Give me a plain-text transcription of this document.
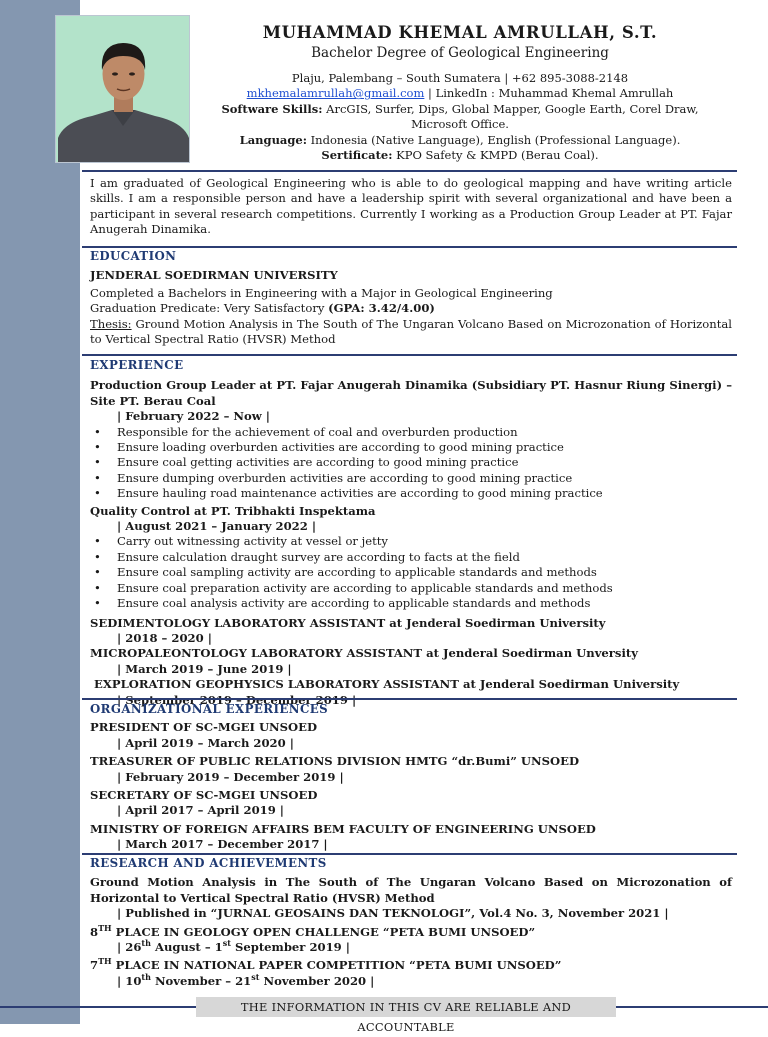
MUHAMMAD KHEMAL AMRULLAH, S.T.
Bachelor Degree of Geological Engineering
Plaju, Palembang – South Sumatera | +62 895-3088-2148
mkhemalamrullah@gmail.com | LinkedIn : Muhammad Khemal Amrullah
Software Skills: ArcGIS, Surfer, Dips, Global Mapper, Google Earth, Corel Draw, Microsoft Office.
Language: Indonesia (Native Language), English (Professional Language).
Sertificate: KPO Safety & KMPD (Berau Coal).
I am graduated of Geological Engineering who is able to do geological mapping and have writing article skills. I am a responsible person and have a leadership spirit with several organizational and have been a participant in several research competitions. Currently I working as a Production Group Leader at PT. Fajar Anugerah Dinamika.
EDUCATION
JENDERAL SOEDIRMAN UNIVERSITY
Completed a Bachelors in Engineering with a Major in Geological Engineering
Graduation Predicate: Very Satisfactory (GPA: 3.42/4.00)
Thesis: Ground Motion Analysis in The South of The Ungaran Volcano Based on Microzonation of Horizontal to Vertical Spectral Ratio (HVSR) Method
EXPERIENCE
Production Group Leader at PT. Fajar Anugerah Dinamika (Subsidiary PT. Hasnur Riung Sinergi) – Site PT. Berau Coal
| February 2022 – Now |
• Responsible for the achievement of coal and overburden production
• Ensure loading overburden activities are according to good mining practice
• Ensure coal getting activities are according to good mining practice
• Ensure dumping overburden activities are according to good mining practice
• Ensure hauling road maintenance activities are according to good mining practice
Quality Control at PT. Tribhakti Inspektama
| August 2021 – January 2022 |
• Carry out witnessing activity at vessel or jetty
• Ensure calculation draught survey are according to facts at the field
• Ensure coal sampling activity are according to applicable standards and methods
• Ensure coal preparation activity are according to applicable standards and methods
• Ensure coal analysis activity are according to applicable standards and methods
SEDIMENTOLOGY LABORATORY ASSISTANT at Jenderal Soedirman University
| 2018 – 2020 |
MICROPALEONTOLOGY LABORATORY ASSISTANT at Jenderal Soedirman Unversity
| March 2019 – June 2019 |
EXPLORATION GEOPHYSICS LABORATORY ASSISTANT at Jenderal Soedirman University
ORGANIZATIONAL EXPERIENCES
PRESIDENT OF SC-MGEI UNSOED
| April 2019 – March 2020 |
TREASURER OF PUBLIC RELATIONS DIVISION HMTG “dr.Bumi” UNSOED
| February 2019 – December 2019 |
SECRETARY OF SC-MGEI UNSOED
| April 2017 – April 2019 |
MINISTRY OF FOREIGN AFFAIRS BEM FACULTY OF ENGINEERING UNSOED
| March 2017 – December 2017 |
RESEARCH AND ACHIEVEMENTS
Ground Motion Analysis in The South of The Ungaran Volcano Based on Microzonation of Horizontal to Vertical Spectral Ratio (HVSR) Method
| Published in “JURNAL GEOSAINS DAN TEKNOLOGI”, Vol.4 No. 3, November 2021 |
8TH PLACE IN GEOLOGY OPEN CHALLENGE “PETA BUMI UNSOED”
| 26th August – 1st September 2019 |
7TH PLACE IN NATIONAL PAPER COMPETITION “PETA BUMI UNSOED”
| 10th November – 21st November 2020 |
THE INFORMATION IN THIS CV ARE RELIABLE AND ACCOUNTABLE
